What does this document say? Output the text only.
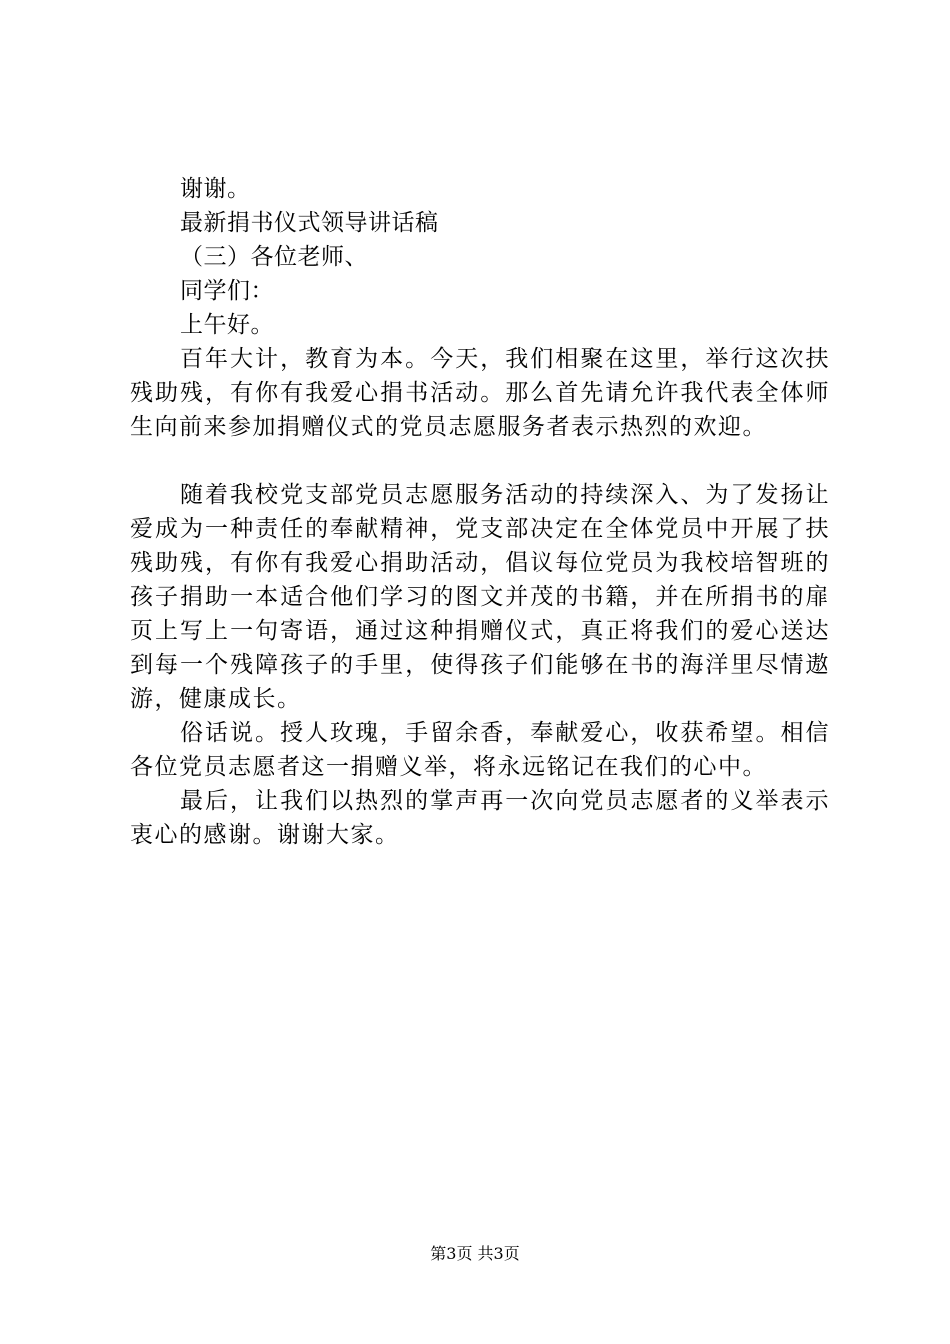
谢谢。
最新捐书仪式领导讲话稿
（三）各位老师、
同学们：
上午好。

百年大计，教育为本。今天，我们相聚在这里，举行这次扶残助残，有你有我爱心捐书活动。那么首先请允许我代表全体师生向前来参加捐赠仪式的党员志愿服务者表示热烈的欢迎。

随着我校党支部党员志愿服务活动的持续深入、为了发扬让爱成为一种责任的奉献精神，党支部决定在全体党员中开展了扶残助残，有你有我爱心捐助活动，倡议每位党员为我校培智班的孩子捐助一本适合他们学习的图文并茂的书籍，并在所捐书的扉页上写上一句寄语，通过这种捐赠仪式，真正将我们的爱心送达到每一个残障孩子的手里，使得孩子们能够在书的海洋里尽情遨游，健康成长。

俗话说。授人玫瑰，手留余香，奉献爱心，收获希望。相信各位党员志愿者这一捐赠义举，将永远铭记在我们的心中。

最后，让我们以热烈的掌声再一次向党员志愿者的义举表示衷心的感谢。谢谢大家。

第3页 共3页
